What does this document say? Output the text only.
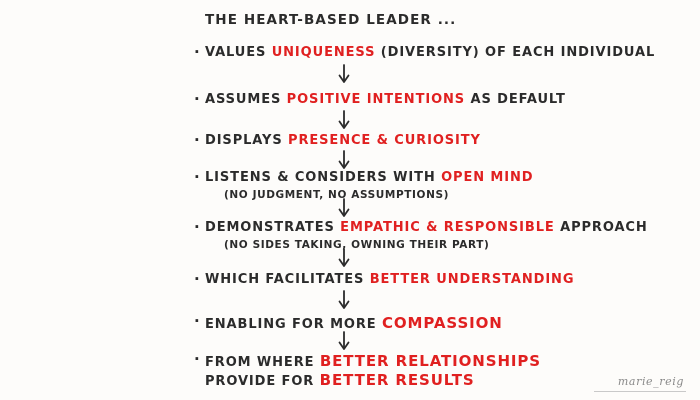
THE HEART-BASED LEADER ...
· VALUES UNIQUENESS (DIVERSITY) OF EACH INDIVIDUAL
· ASSUMES POSITIVE INTENTIONS AS DEFAULT
· DISPLAYS PRESENCE & CURIOSITY
· LISTENS & CONSIDERS WITH OPEN MIND
(NO JUDGMENT, NO ASSUMPTIONS)
· DEMONSTRATES EMPATHIC & RESPONSIBLE APPROACH
(NO SIDES TAKING, OWNING THEIR PART)
· WHICH FACILITATES BETTER UNDERSTANDING
· ENABLING FOR MORE COMPASSION
· FROM WHERE BETTER RELATIONSHIPS
PROVIDE FOR BETTER RESULTS	marie_reig
